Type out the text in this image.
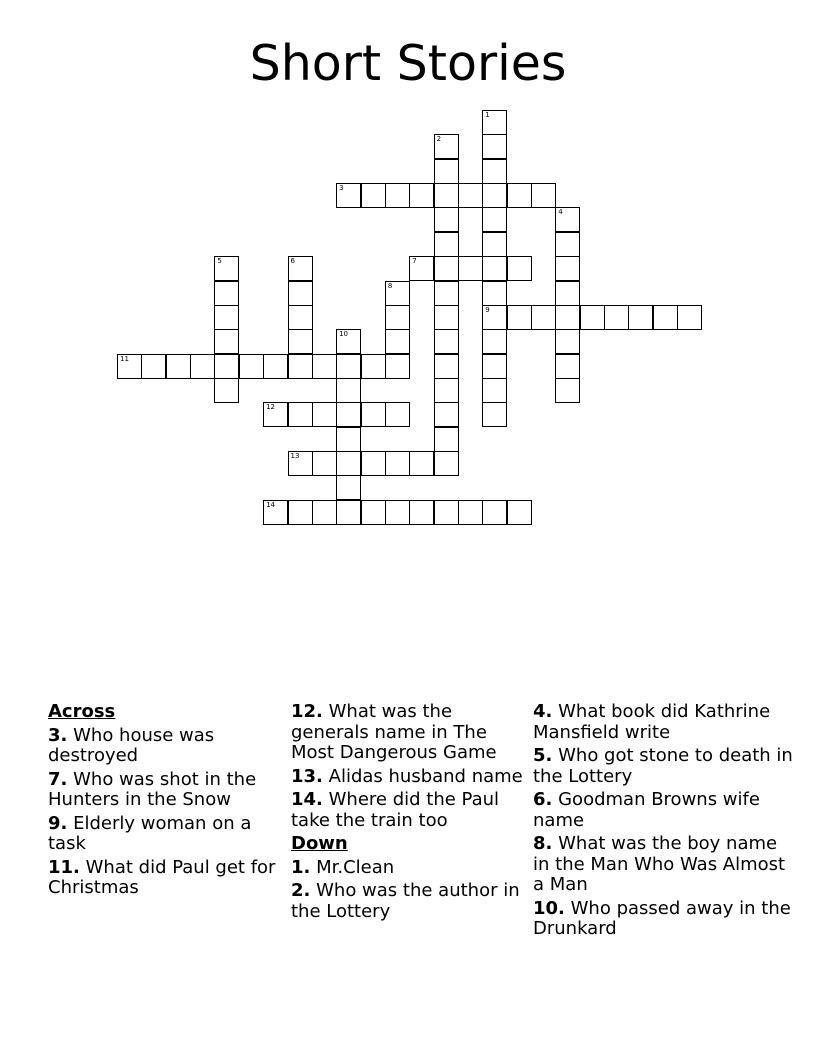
Short Stories
1
9
2
3
4
5	6	7
8
10
11
12
13
14
Across
3. Who house was destroyed
7. Who was shot in the Hunters in the Snow
9. Elderly woman on a task
11. What did Paul get for Christmas
12. What was the generals name in The Most Dangerous Game
13. Alidas husband name
14. Where did the Paul take the train too
Down
1. Mr.Clean
2. Who was the author in the Lottery
4. What book did Kathrine Mansfield write
5. Who got stone to death in the Lottery
6. Goodman Browns wife name
8. What was the boy name in the Man Who Was Almost a Man
10. Who passed away in the Drunkard
